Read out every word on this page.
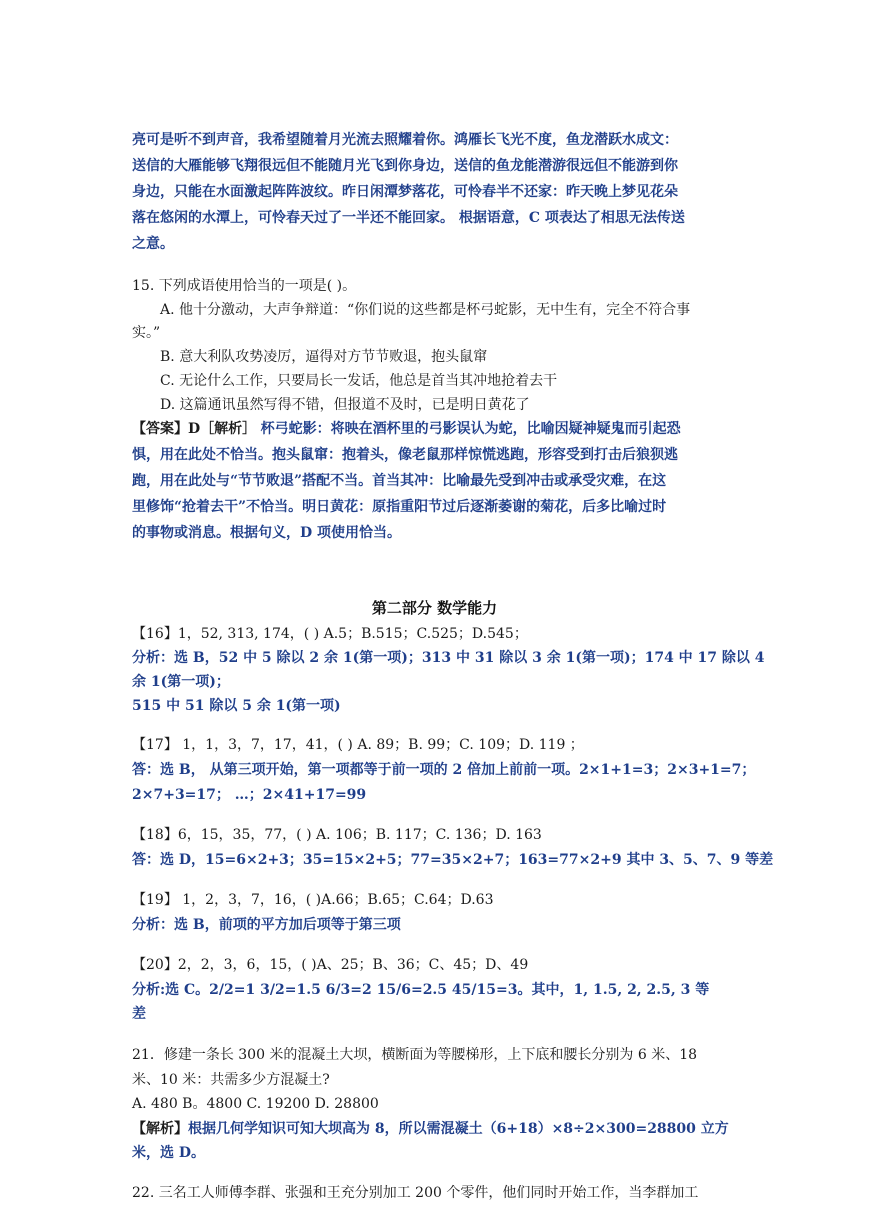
亮可是听不到声音，我希望随着月光流去照耀着你。鸿雁长飞光不度，鱼龙潜跃水成文：
送信的大雁能够飞翔很远但不能随月光飞到你身边，送信的鱼龙能潜游很远但不能游到你
身边，只能在水面激起阵阵波纹。昨日闲潭梦落花，可怜春半不还家：昨天晚上梦见花朵
落在悠闲的水潭上，可怜春天过了一半还不能回家。 根据语意，C 项表达了相思无法传送
之意。
15. 下列成语使用恰当的一项是( )。
A. 他十分激动，大声争辩道：“你们说的这些都是杯弓蛇影，无中生有，完全不符合事
实。”
B. 意大利队攻势凌厉，逼得对方节节败退，抱头鼠窜
C. 无论什么工作，只要局长一发话，他总是首当其冲地抢着去干
D. 这篇通讯虽然写得不错，但报道不及时，已是明日黄花了
【答案】D［解析］ 杯弓蛇影：将映在酒杯里的弓影误认为蛇，比喻因疑神疑鬼而引起恐
惧，用在此处不恰当。抱头鼠窜：抱着头，像老鼠那样惊慌逃跑，形容受到打击后狼狈逃
跑，用在此处与“节节败退”搭配不当。首当其冲：比喻最先受到冲击或承受灾难，在这
里修饰“抢着去干”不恰当。明日黄花：原指重阳节过后逐渐萎谢的菊花，后多比喻过时
的事物或消息。根据句义，D 项使用恰当。
第二部分 数学能力
【16】1，52, 313, 174，( ) A.5；B.515；C.525；D.545；
分析：选 B，52 中 5 除以 2 余 1(第一项)；313 中 31 除以 3 余 1(第一项)；174 中 17 除以 4
余 1(第一项)；
515 中 51 除以 5 余 1(第一项)
【17】 1，1，3，7，17，41，( ) A. 89；B. 99；C. 109；D. 119 ；
答：选 B， 从第三项开始，第一项都等于前一项的 2 倍加上前前一项。2×1+1=3；2×3+1=7；
2×7+3=17； …；2×41+17=99
【18】6，15，35，77，( ) A. 106；B. 117；C. 136；D. 163
答：选 D，15=6×2+3；35=15×2+5；77=35×2+7；163=77×2+9 其中 3、5、7、9 等差
【19】 1，2，3，7，16，( )A.66；B.65；C.64；D.63
分析：选 B，前项的平方加后项等于第三项
【20】2，2，3，6，15，( )A、25；B、36；C、45；D、49
分析:选 C。2/2=1 3/2=1.5 6/3=2 15/6=2.5 45/15=3。其中，1, 1.5, 2, 2.5, 3 等
差
21．修建一条长 300 米的混凝土大坝，横断面为等腰梯形，上下底和腰长分别为 6 米、18
米、10 米：共需多少方混凝土?
A. 480 B。4800 C. 19200 D. 28800
【解析】根据几何学知识可知大坝高为 8，所以需混凝土（6+18）×8÷2×300=28800 立方
米，选 D。
22. 三名工人师傅李群、张强和王充分别加工 200 个零件，他们同时开始工作，当李群加工
